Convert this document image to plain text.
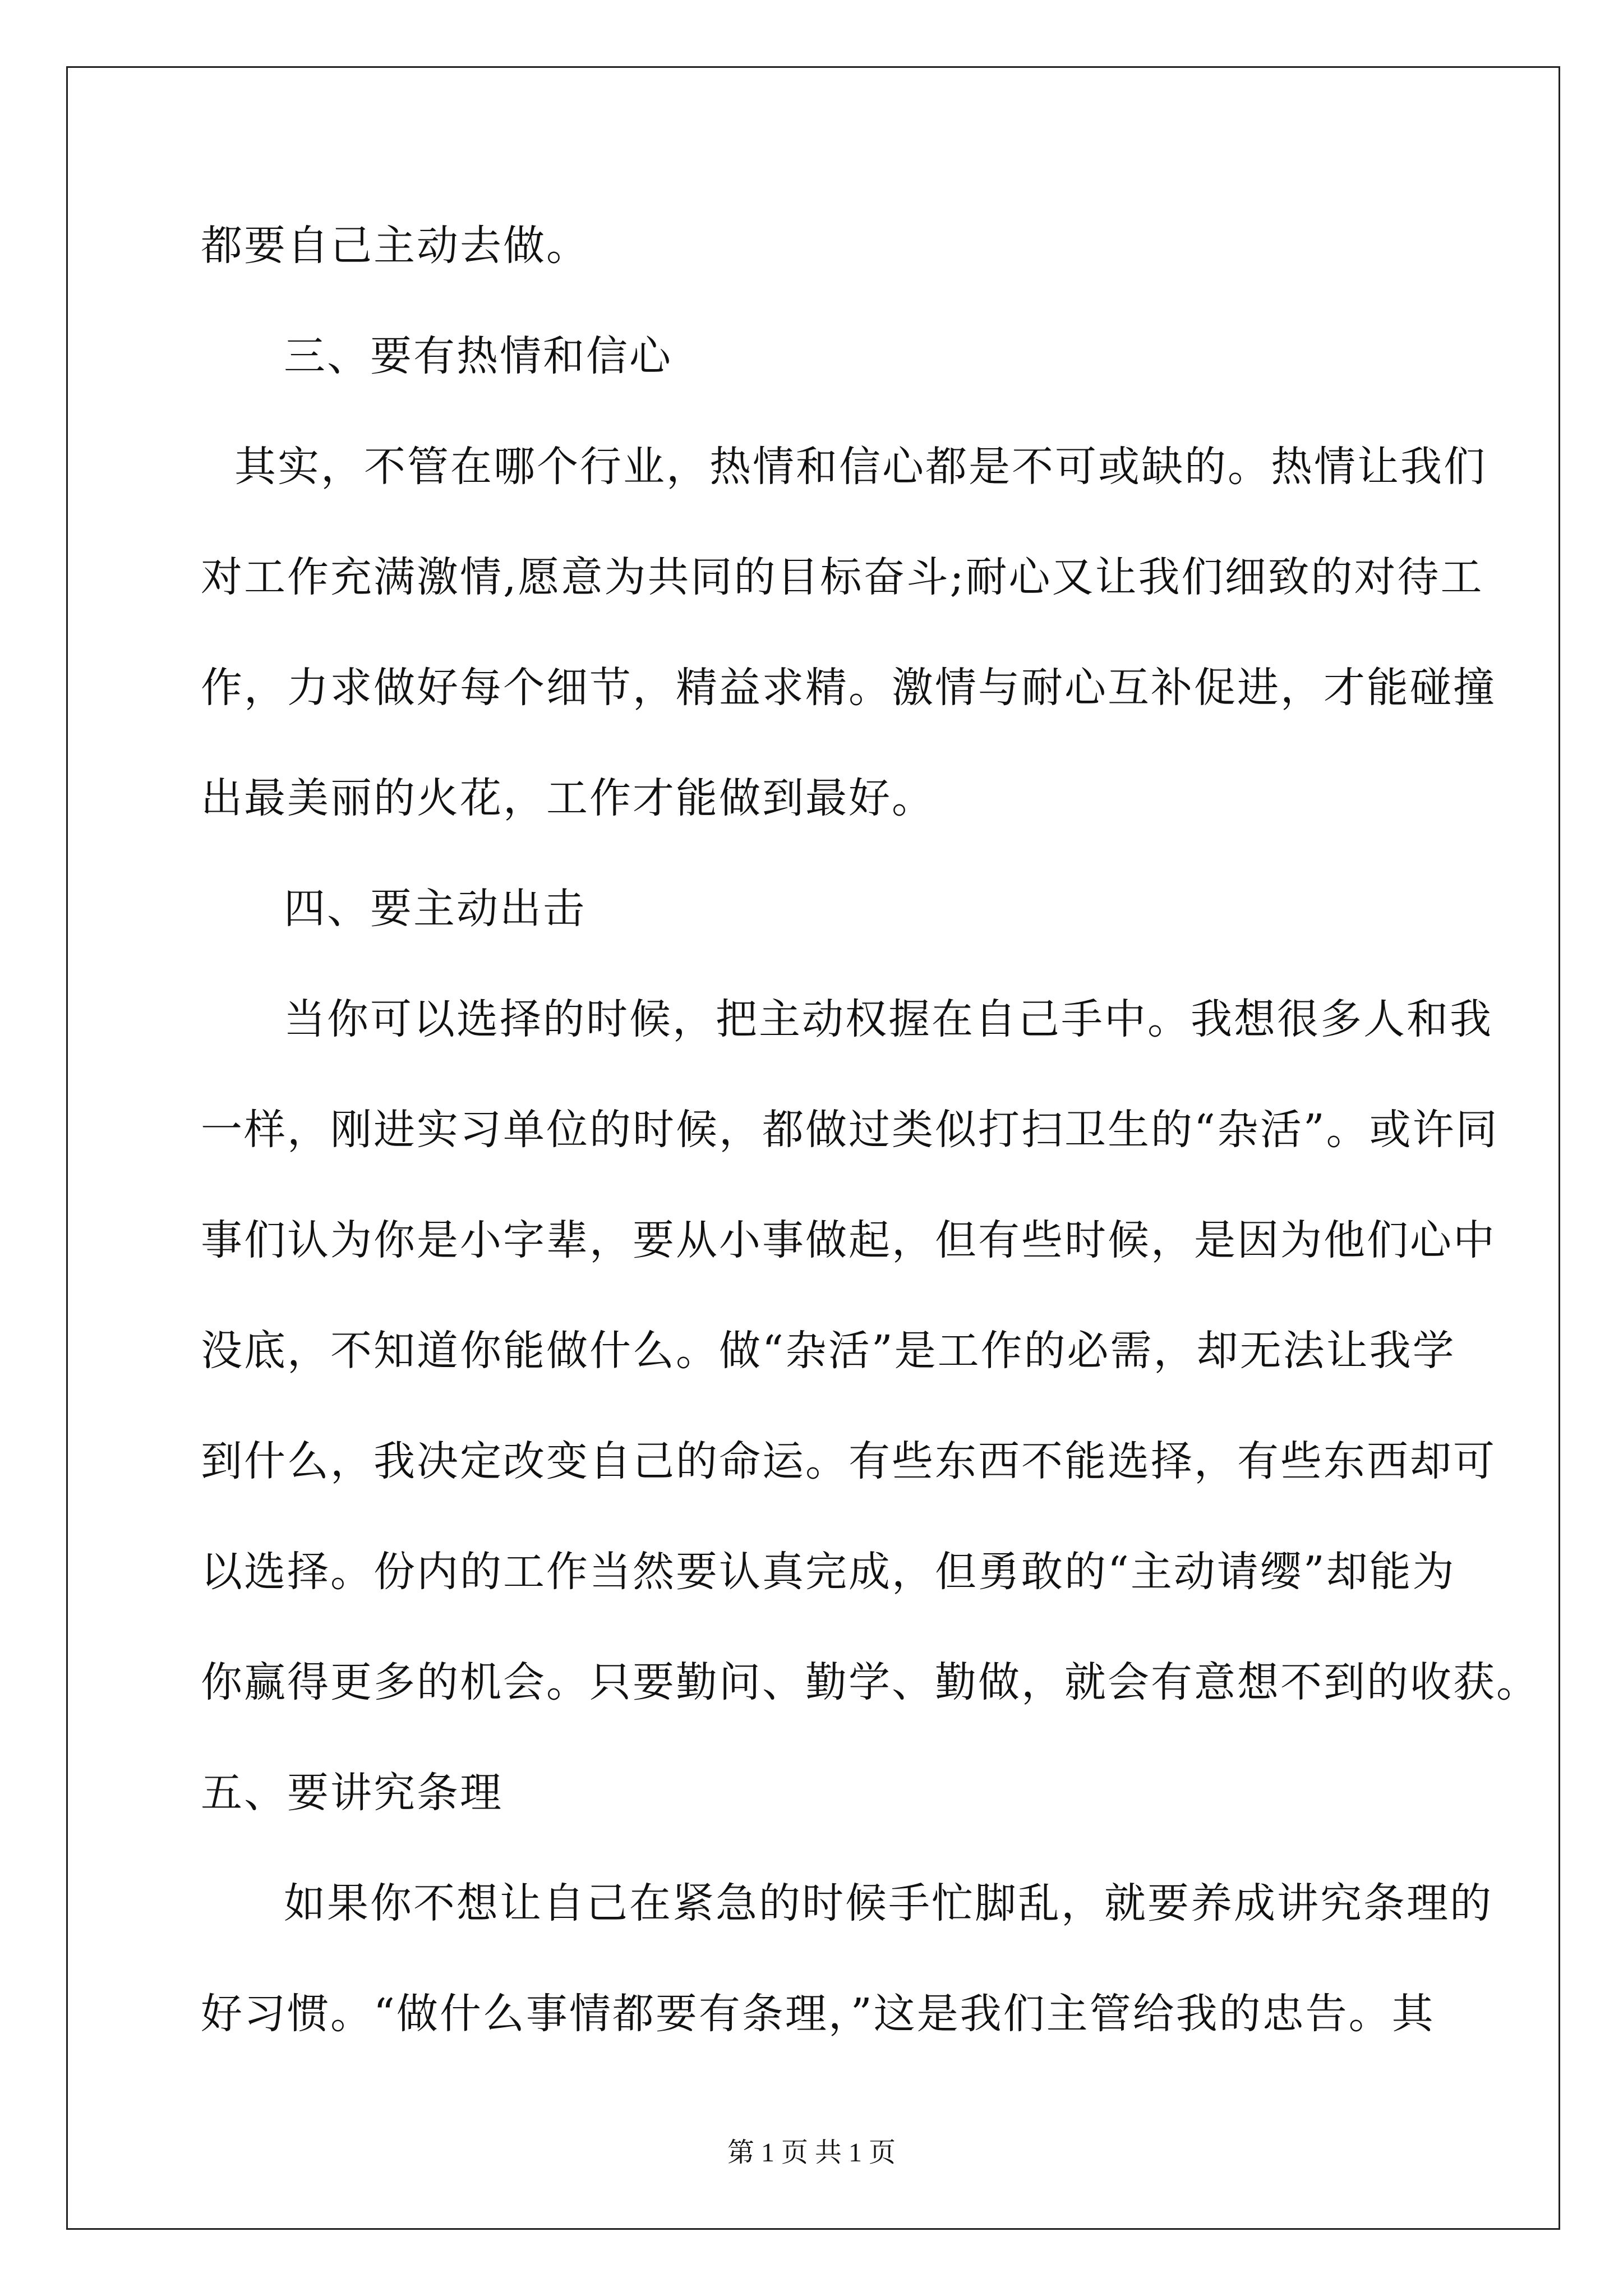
都要自己主动去做。
三、要有热情和信心
其实，不管在哪个行业，热情和信心都是不可或缺的。热情让我们
对工作充满激情,愿意为共同的目标奋斗;耐心又让我们细致的对待工
作，力求做好每个细节，精益求精。激情与耐心互补促进，才能碰撞
出最美丽的火花，工作才能做到最好。
四、要主动出击
当你可以选择的时候，把主动权握在自己手中。我想很多人和我
一样，刚进实习单位的时候，都做过类似打扫卫生的“杂活”。或许同
事们认为你是小字辈，要从小事做起，但有些时候，是因为他们心中
没底，不知道你能做什么。做“杂活”是工作的必需，却无法让我学
到什么，我决定改变自己的命运。有些东西不能选择，有些东西却可
以选择。份内的工作当然要认真完成，但勇敢的“主动请缨”却能为
你赢得更多的机会。只要勤问、勤学、勤做，就会有意想不到的收获。
五、要讲究条理
如果你不想让自己在紧急的时候手忙脚乱，就要养成讲究条理的
好习惯。“做什么事情都要有条理，”这是我们主管给我的忠告。其
第 1 页 共 1 页
